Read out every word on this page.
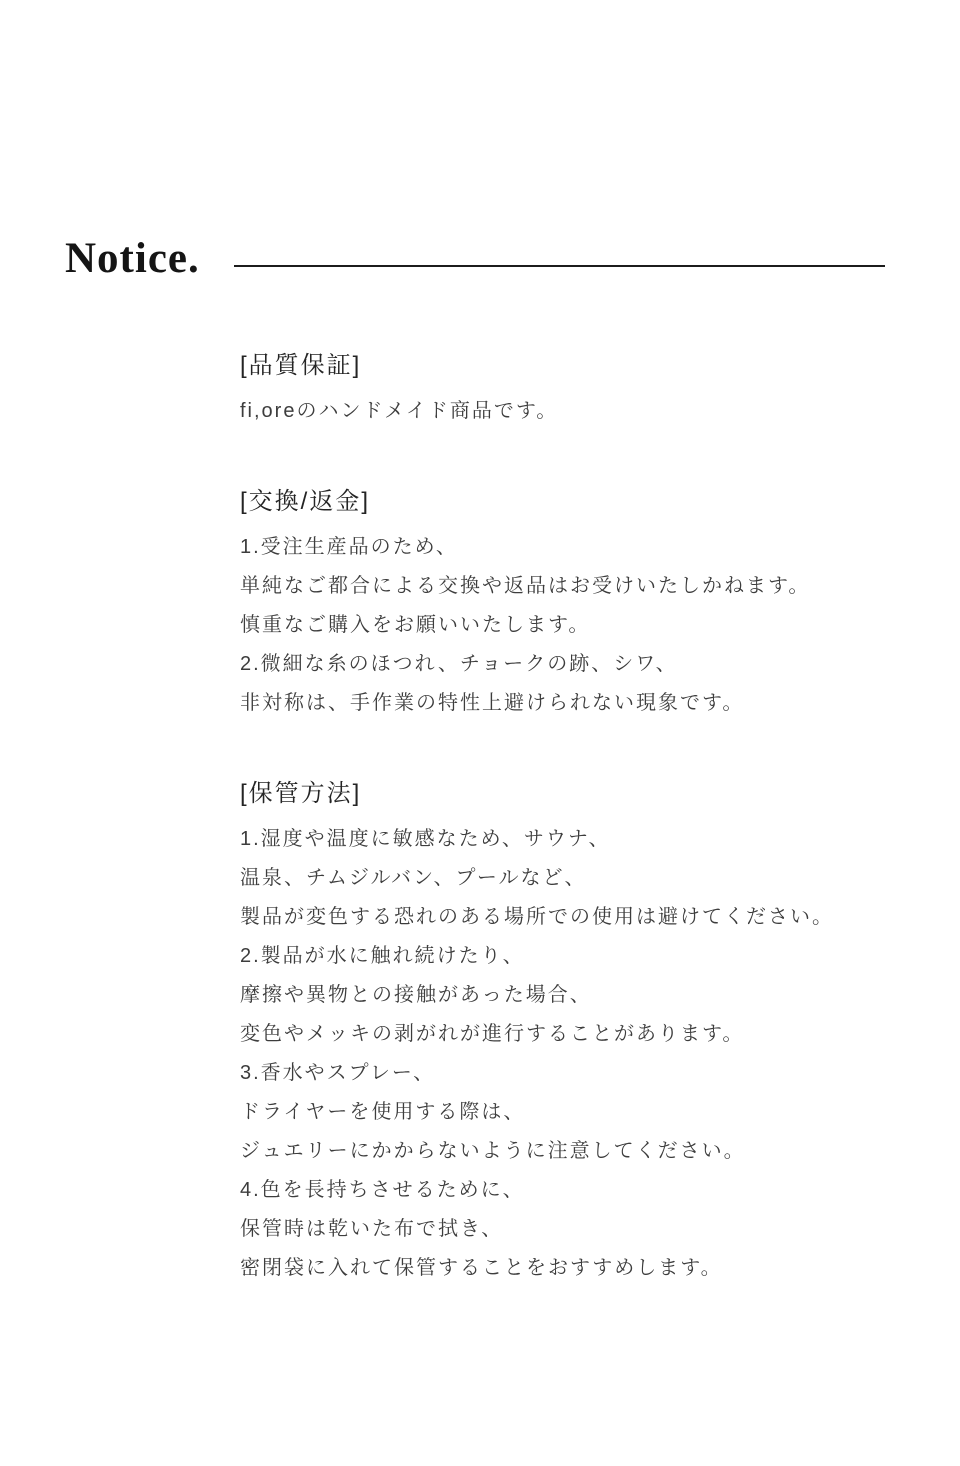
Notice.
[品質保証]

fi,oreのハンドメイド商品です。

[交換/返金]

1.受注生産品のため、

単純なご都合による交換や返品はお受けいたしかねます。

慎重なご購入をお願いいたします。

2.微細な糸のほつれ、チョークの跡、シワ、

非対称は、手作業の特性上避けられない現象です。

[保管方法]

1.湿度や温度に敏感なため、サウナ、

温泉、チムジルバン、プールなど、

製品が変色する恐れのある場所での使用は避けてください。

2.製品が水に触れ続けたり、

摩擦や異物との接触があった場合、

変色やメッキの剥がれが進行することがあります。

3.香水やスプレー、

ドライヤーを使用する際は、

ジュエリーにかからないように注意してください。

4.色を長持ちさせるために、

保管時は乾いた布で拭き、

密閉袋に入れて保管することをおすすめします。
